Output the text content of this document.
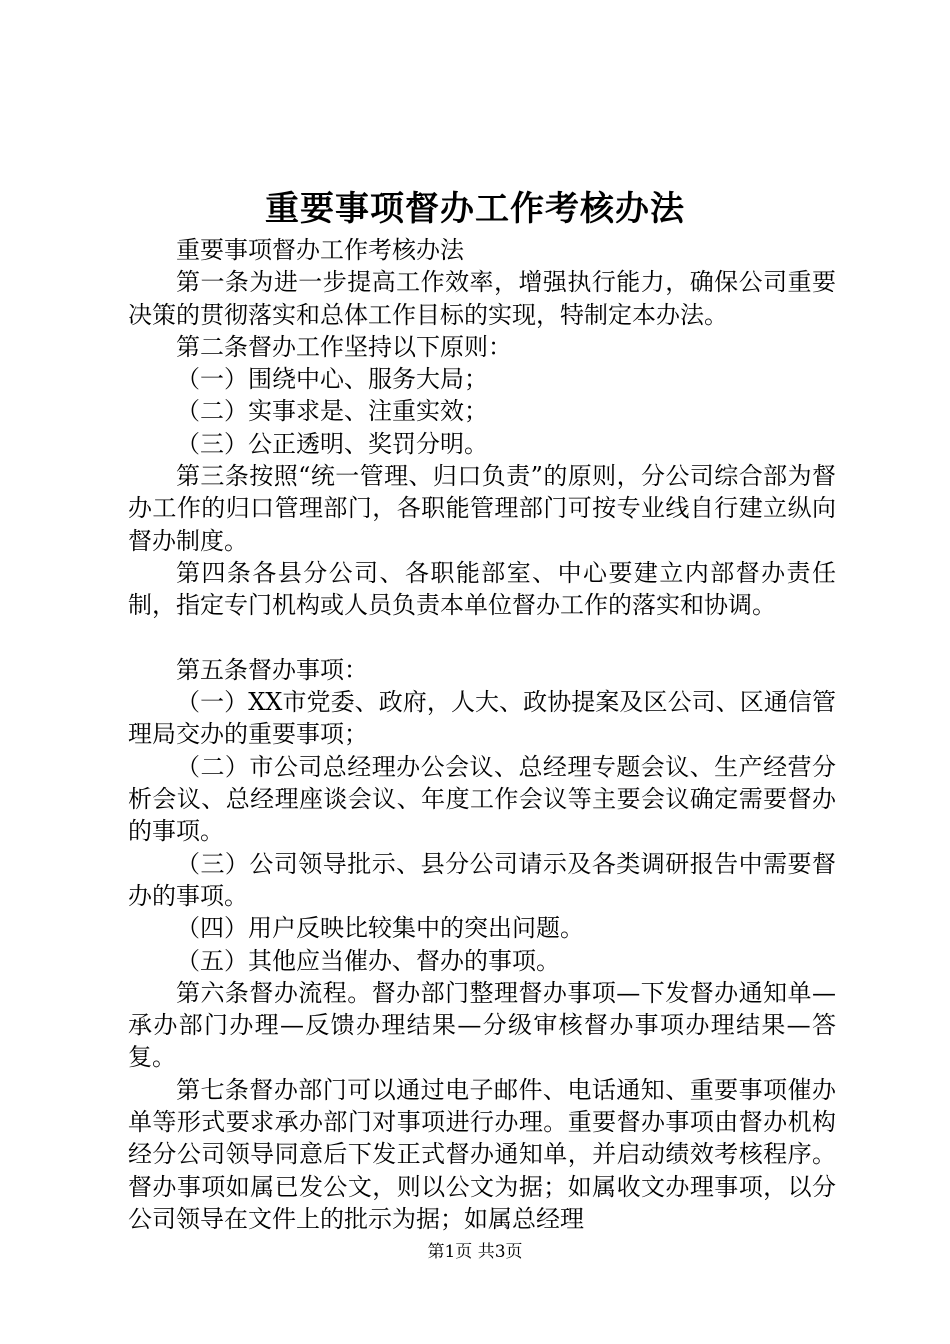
重要事项督办工作考核办法

重要事项督办工作考核办法

第一条为进一步提高工作效率，增强执行能力，确保公司重要决策的贯彻落实和总体工作目标的实现，特制定本办法。

第二条督办工作坚持以下原则：

（一）围绕中心、服务大局；

（二）实事求是、注重实效；

（三）公正透明、奖罚分明。

第三条按照“统一管理、归口负责”的原则，分公司综合部为督办工作的归口管理部门，各职能管理部门可按专业线自行建立纵向督办制度。

第四条各县分公司、各职能部室、中心要建立内部督办责任制，指定专门机构或人员负责本单位督办工作的落实和协调。

第五条督办事项：

（一）XX市党委、政府，人大、政协提案及区公司、区通信管理局交办的重要事项；

（二）市公司总经理办公会议、总经理专题会议、生产经营分析会议、总经理座谈会议、年度工作会议等主要会议确定需要督办的事项。

（三）公司领导批示、县分公司请示及各类调研报告中需要督办的事项。

（四）用户反映比较集中的突出问题。

（五）其他应当催办、督办的事项。

第六条督办流程。督办部门整理督办事项—下发督办通知单—承办部门办理—反馈办理结果—分级审核督办事项办理结果—答复。

第七条督办部门可以通过电子邮件、电话通知、重要事项催办单等形式要求承办部门对事项进行办理。重要督办事项由督办机构经分公司领导同意后下发正式督办通知单，并启动绩效考核程序。督办事项如属已发公文，则以公文为据；如属收文办理事项，以分公司领导在文件上的批示为据；如属总经理

第1页 共3页
